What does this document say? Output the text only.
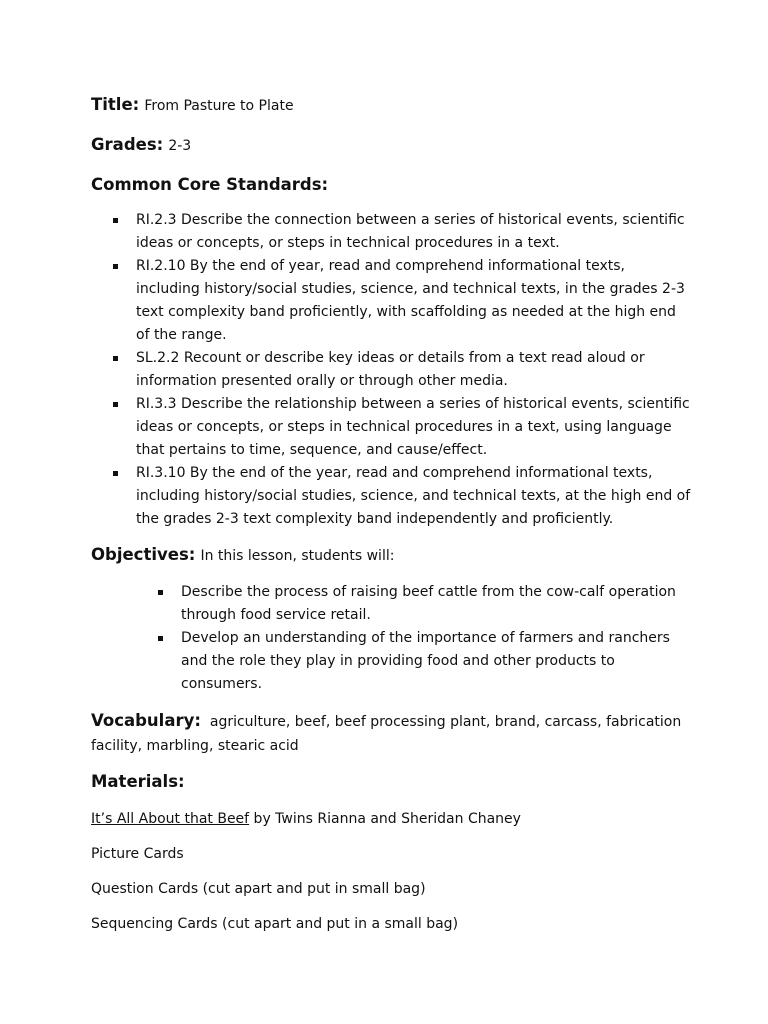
Title: From Pasture to Plate

Grades: 2-3

Common Core Standards:

RI.2.3 Describe the connection between a series of historical events, scientific ideas or concepts, or steps in technical procedures in a text.
RI.2.10 By the end of year, read and comprehend informational texts, including history/social studies, science, and technical texts, in the grades 2-3 text complexity band proficiently, with scaffolding as needed at the high end of the range.
SL.2.2 Recount or describe key ideas or details from a text read aloud or information presented orally or through other media.
RI.3.3 Describe the relationship between a series of historical events, scientific ideas or concepts, or steps in technical procedures in a text, using language that pertains to time, sequence, and cause/effect.
RI.3.10 By the end of the year, read and comprehend informational texts, including history/social studies, science, and technical texts, at the high end of the grades 2-3 text complexity band independently and proficiently.

Objectives: In this lesson, students will:

Describe the process of raising beef cattle from the cow-calf operation through food service retail.
Develop an understanding of the importance of farmers and ranchers and the role they play in providing food and other products to consumers.

Vocabulary: agriculture, beef, beef processing plant, brand, carcass, fabrication facility, marbling, stearic acid

Materials:

It’s All About that Beef by Twins Rianna and Sheridan Chaney

Picture Cards

Question Cards (cut apart and put in small bag)

Sequencing Cards (cut apart and put in a small bag)
